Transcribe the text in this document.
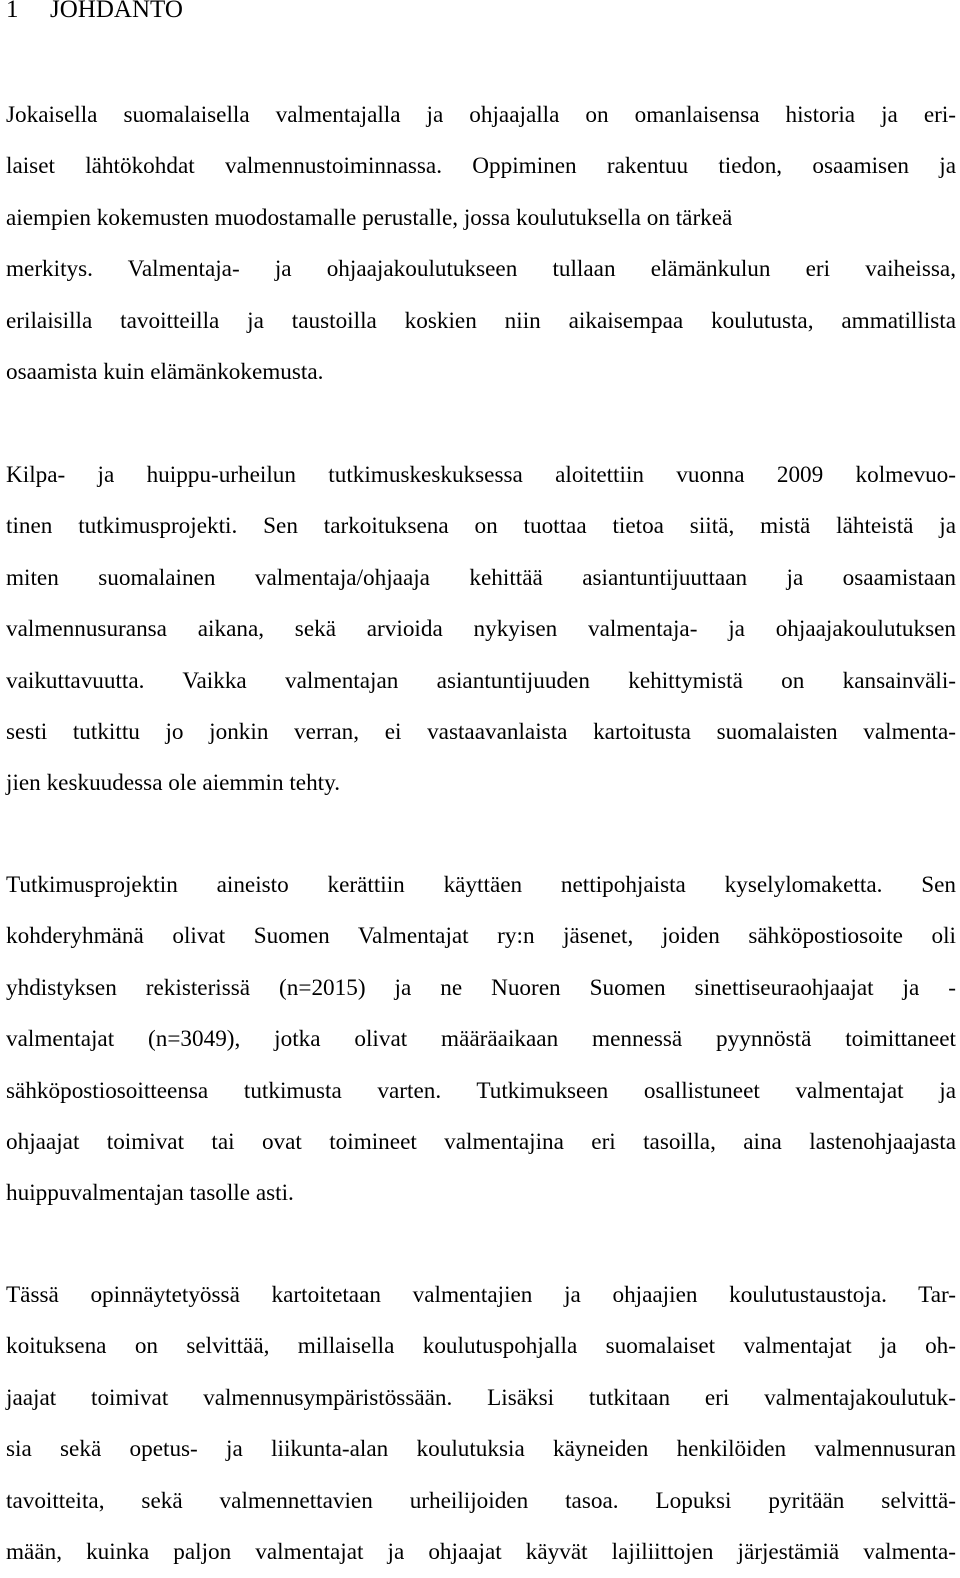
1 JOHDANTO
Jokaisella suomalaisella valmentajalla ja ohjaajalla on omanlaisensa historia ja eri-
laiset lähtökohdat valmennustoiminnassa. Oppiminen rakentuu tiedon, osaamisen ja
aiempien kokemusten muodostamalle perustalle, jossa koulutuksella on tärkeä
merkitys. Valmentaja- ja ohjaajakoulutukseen tullaan elämänkulun eri vaiheissa,
erilaisilla tavoitteilla ja taustoilla koskien niin aikaisempaa koulutusta, ammatillista
osaamista kuin elämänkokemusta.
Kilpa- ja huippu-urheilun tutkimuskeskuksessa aloitettiin vuonna 2009 kolmevuo-
tinen tutkimusprojekti. Sen tarkoituksena on tuottaa tietoa siitä, mistä lähteistä ja
miten suomalainen valmentaja/ohjaaja kehittää asiantuntijuuttaan ja osaamistaan
valmennusuransa aikana, sekä arvioida nykyisen valmentaja- ja ohjaajakoulutuksen
vaikuttavuutta. Vaikka valmentajan asiantuntijuuden kehittymistä on kansainväli-
sesti tutkittu jo jonkin verran, ei vastaavanlaista kartoitusta suomalaisten valmenta-
jien keskuudessa ole aiemmin tehty.
Tutkimusprojektin aineisto kerättiin käyttäen nettipohjaista kyselylomaketta. Sen
kohderyhmänä olivat Suomen Valmentajat ry:n jäsenet, joiden sähköpostiosoite oli
yhdistyksen rekisterissä (n=2015) ja ne Nuoren Suomen sinettiseuraohjaajat ja -
valmentajat (n=3049), jotka olivat määräaikaan mennessä pyynnöstä toimittaneet
sähköpostiosoitteensa tutkimusta varten. Tutkimukseen osallistuneet valmentajat ja
ohjaajat toimivat tai ovat toimineet valmentajina eri tasoilla, aina lastenohjaajasta
huippuvalmentajan tasolle asti.
Tässä opinnäytetyössä kartoitetaan valmentajien ja ohjaajien koulutustaustoja. Tar-
koituksena on selvittää, millaisella koulutuspohjalla suomalaiset valmentajat ja oh-
jaajat toimivat valmennusympäristössään. Lisäksi tutkitaan eri valmentajakoulutuk-
sia sekä opetus- ja liikunta-alan koulutuksia käyneiden henkilöiden valmennusuran
tavoitteita, sekä valmennettavien urheilijoiden tasoa. Lopuksi pyritään selvittä-
mään, kuinka paljon valmentajat ja ohjaajat käyvät lajiliittojen järjestämiä valmenta-
